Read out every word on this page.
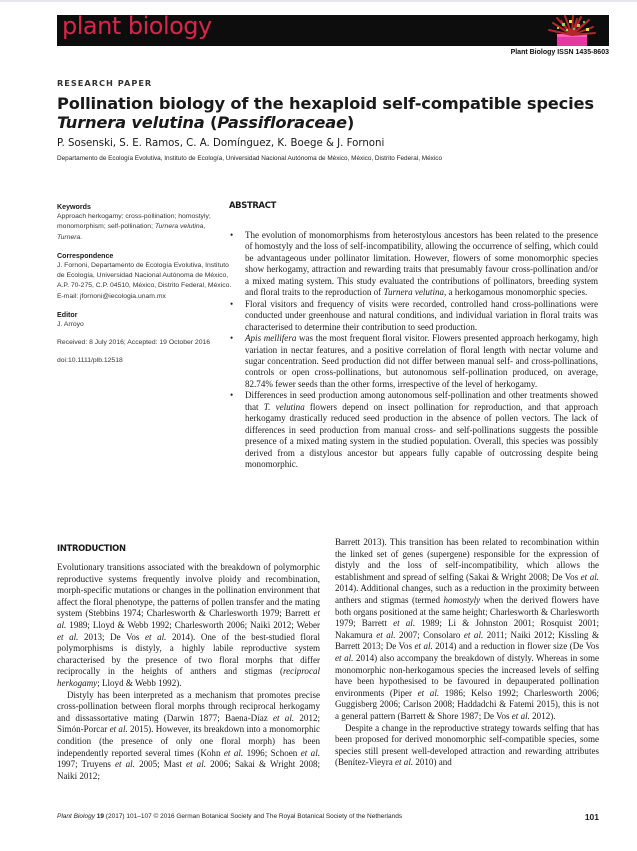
plant biology
Plant Biology ISSN 1435-8603
RESEARCH PAPER
Pollination biology of the hexaploid self-compatible species
Turnera velutina (Passifloraceae)
P. Sosenski, S. E. Ramos, C. A. Domínguez, K. Boege & J. Fornoni
Departamento de Ecología Evolutiva, Instituto de Ecología, Universidad Nacional Autónoma de México, México, Distrito Federal, México
Keywords
Approach herkogamy; cross-pollination; homostyly; monomorphism; self-pollination; Turnera velutina, Turnera.
Correspondence
J. Fornoni, Departamento de Ecología Evolutiva, Instituto de Ecología, Universidad Nacional Autónoma de México, A.P. 70-275, C.P. 04510, México, Distrito Federal, México.
E-mail: jfornoni@iecologia.unam.mx
Editor
J. Arroyo
Received: 8 July 2016; Accepted: 19 October 2016
doi:10.1111/plb.12518
ABSTRACT
• The evolution of monomorphisms from heterostylous ancestors has been related to the presence of homostyly and the loss of self-incompatibility, allowing the occurrence of selfing, which could be advantageous under pollinator limitation. However, flowers of some monomorphic species show herkogamy, attraction and rewarding traits that presumably favour cross-pollination and/or a mixed mating system. This study evaluated the contributions of pollinators, breeding system and floral traits to the reproduction of Turnera velutina, a herkogamous monomorphic species.
• Floral visitors and frequency of visits were recorded, controlled hand cross-pollinations were conducted under greenhouse and natural conditions, and individual variation in floral traits was characterised to determine their contribution to seed production.
• Apis mellifera was the most frequent floral visitor. Flowers presented approach herkogamy, high variation in nectar features, and a positive correlation of floral length with nectar volume and sugar concentration. Seed production did not differ between manual self- and cross-pollinations, controls or open cross-pollinations, but autonomous self-pollination produced, on average, 82.74% fewer seeds than the other forms, irrespective of the level of herkogamy.
• Differences in seed production among autonomous self-pollination and other treatments showed that T. velutina flowers depend on insect pollination for reproduction, and that approach herkogamy drastically reduced seed production in the absence of pollen vectors. The lack of differences in seed production from manual cross- and self-pollinations suggests the possible presence of a mixed mating system in the studied population. Overall, this species was possibly derived from a distylous ancestor but appears fully capable of outcrossing despite being monomorphic.
INTRODUCTION

Evolutionary transitions associated with the breakdown of polymorphic reproductive systems frequently involve ploidy and recombination, morph-specific mutations or changes in the pollination environment that affect the floral phenotype, the patterns of pollen transfer and the mating system (Stebbins 1974; Charlesworth & Charlesworth 1979; Barrett et al. 1989; Lloyd & Webb 1992; Charlesworth 2006; Naiki 2012; Weber et al. 2013; De Vos et al. 2014). One of the best-studied floral polymorphisms is distyly, a highly labile reproductive system characterised by the presence of two floral morphs that differ reciprocally in the heights of anthers and stigmas (reciprocal herkogamy; Lloyd & Webb 1992).

Distyly has been interpreted as a mechanism that promotes precise cross-pollination between floral morphs through reciprocal herkogamy and dissassortative mating (Darwin 1877; Baena-Díaz et al. 2012; Simón-Porcar et al. 2015). However, its breakdown into a monomorphic condition (the presence of only one floral morph) has been independently reported several times (Kohn et al. 1996; Schoen et al. 1997; Truyens et al. 2005; Mast et al. 2006; Sakai & Wright 2008; Naiki 2012;

Barrett 2013). This transition has been related to recombination within the linked set of genes (supergene) responsible for the expression of distyly and the loss of self-incompatibility, which allows the establishment and spread of selfing (Sakai & Wright 2008; De Vos et al. 2014). Additional changes, such as a reduction in the proximity between anthers and stigmas (termed homostyly when the derived flowers have both organs positioned at the same height; Charlesworth & Charlesworth 1979; Barrett et al. 1989; Li & Johnston 2001; Rosquist 2001; Nakamura et al. 2007; Consolaro et al. 2011; Naiki 2012; Kissling & Barrett 2013; De Vos et al. 2014) and a reduction in flower size (De Vos et al. 2014) also accompany the breakdown of distyly. Whereas in some monomorphic non-herkogamous species the increased levels of selfing have been hypothesised to be favoured in depauperated pollination environments (Piper et al. 1986; Kelso 1992; Charlesworth 2006; Guggisberg 2006; Carlson 2008; Haddadchi & Fatemi 2015), this is not a general pattern (Barrett & Shore 1987; De Vos et al. 2012).

Despite a change in the reproductive strategy towards selfing that has been proposed for derived monomorphic self-compatible species, some species still present well-developed attraction and rewarding attributes (Benítez-Vieyra et al. 2010) and

Plant Biology 19 (2017) 101–107 © 2016 German Botanical Society and The Royal Botanical Society of the Netherlands	101
